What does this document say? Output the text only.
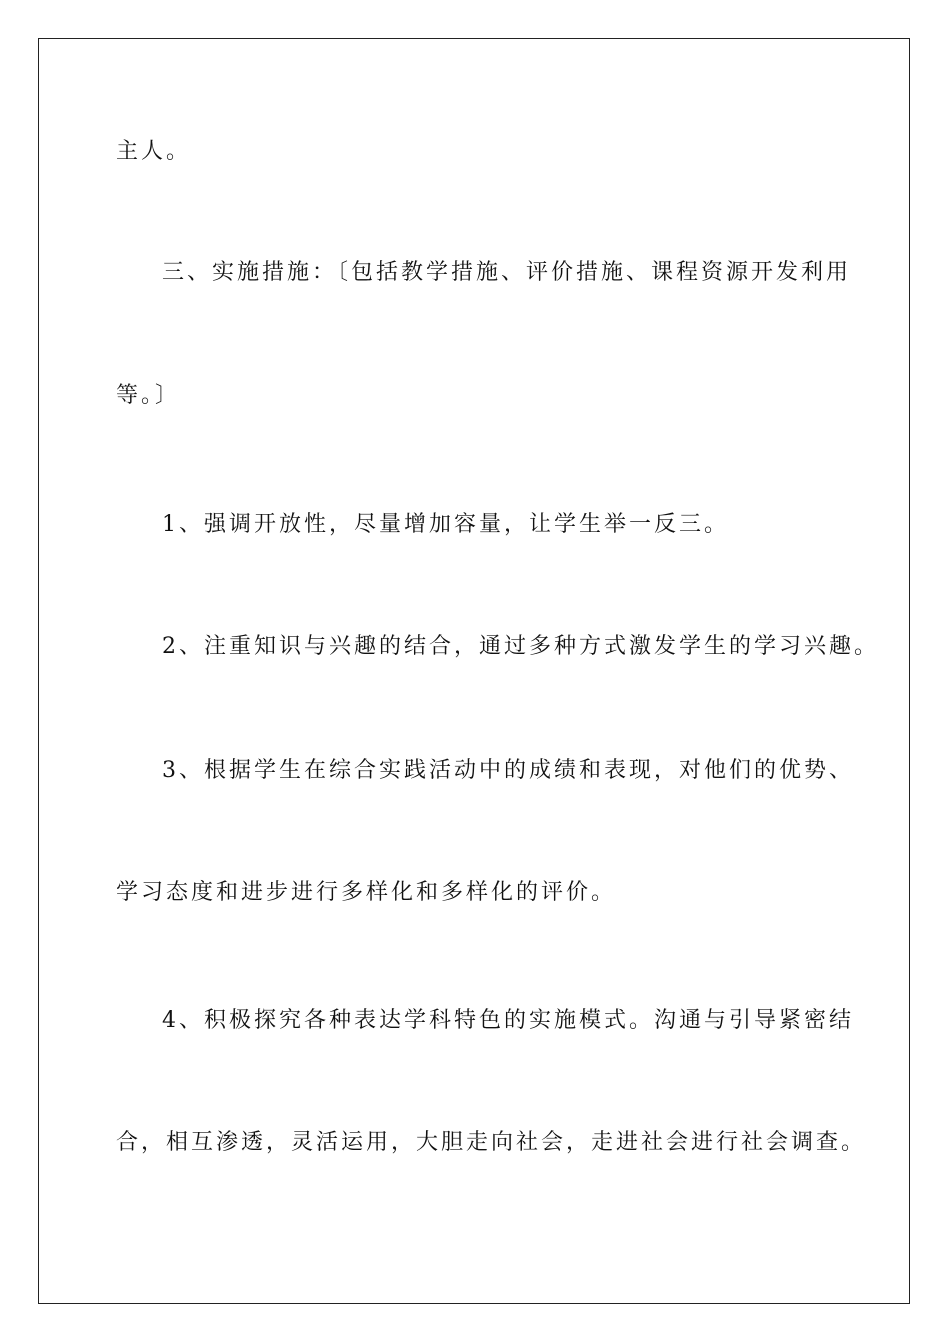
主人。
三、实施措施：〔包括教学措施、评价措施、课程资源开发利用
等。〕
1、强调开放性，尽量增加容量，让学生举一反三。
2、注重知识与兴趣的结合，通过多种方式激发学生的学习兴趣。
3、根据学生在综合实践活动中的成绩和表现，对他们的优势、
学习态度和进步进行多样化和多样化的评价。
4、积极探究各种表达学科特色的实施模式。沟通与引导紧密结
合，相互渗透，灵活运用，大胆走向社会，走进社会进行社会调查。
